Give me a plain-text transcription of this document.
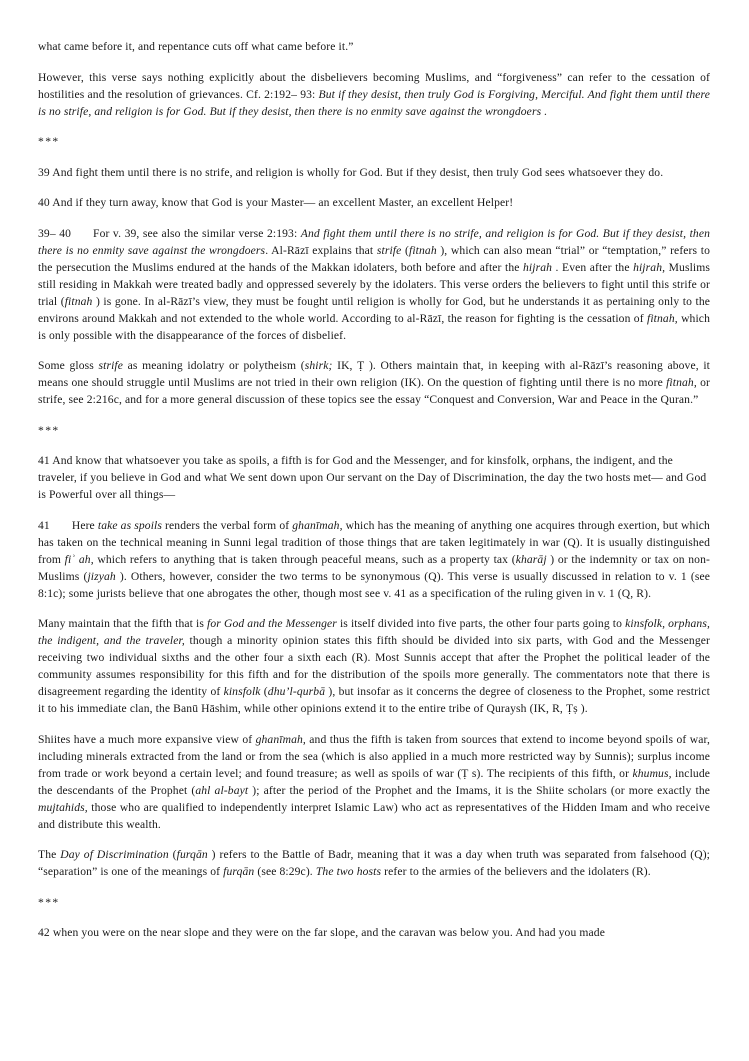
what came before it, and repentance cuts off what came before it.”

However, this verse says nothing explicitly about the disbelievers becoming Muslims, and “forgiveness” can refer to the cessation of hostilities and the resolution of grievances. Cf. 2:192– 93: But if they desist, then truly God is Forgiving, Merciful. And fight them until there is no strife, and religion is for God. But if they desist, then there is no enmity save against the wrongdoers .

***

39 And fight them until there is no strife, and religion is wholly for God. But if they desist, then truly God sees whatsoever they do.

40 And if they turn away, know that God is your Master— an excellent Master, an excellent Helper!

39– 40 For v. 39, see also the similar verse 2:193: And fight them until there is no strife, and religion is for God. But if they desist, then there is no enmity save against the wrongdoers. Al-Rāzī explains that strife (fitnah ), which can also mean “trial” or “temptation,” refers to the persecution the Muslims endured at the hands of the Makkan idolaters, both before and after the hijrah . Even after the hijrah, Muslims still residing in Makkah were treated badly and oppressed severely by the idolaters. This verse orders the believers to fight until this strife or trial (fitnah ) is gone. In al-Rāzī’s view, they must be fought until religion is wholly for God, but he understands it as pertaining only to the environs around Makkah and not extended to the whole world. According to al-Rāzī, the reason for fighting is the cessation of fitnah, which is only possible with the disappearance of the forces of disbelief.

Some gloss strife as meaning idolatry or polytheism (shirk; IK, Ṭ ). Others maintain that, in keeping with al-Rāzī’s reasoning above, it means one should struggle until Muslims are not tried in their own religion (IK). On the question of fighting until there is no more fitnah, or strife, see 2:216c, and for a more general discussion of these topics see the essay “Conquest and Conversion, War and Peace in the Quran.”

***

41 And know that whatsoever you take as spoils, a fifth is for God and the Messenger, and for kinsfolk, orphans, the indigent, and the traveler, if you believe in God and what We sent down upon Our servant on the Day of Discrimination, the day the two hosts met— and God is Powerful over all things—

41 Here take as spoils renders the verbal form of ghanīmah, which has the meaning of anything one acquires through exertion, but which has taken on the technical meaning in Sunni legal tradition of those things that are taken legitimately in war (Q). It is usually distinguished from fiʾ ah, which refers to anything that is taken through peaceful means, such as a property tax (kharāj ) or the indemnity or tax on non-Muslims (jizyah ). Others, however, consider the two terms to be synonymous (Q). This verse is usually discussed in relation to v. 1 (see 8:1c); some jurists believe that one abrogates the other, though most see v. 41 as a specification of the ruling given in v. 1 (Q, R).

Many maintain that the fifth that is for God and the Messenger is itself divided into five parts, the other four parts going to kinsfolk, orphans, the indigent, and the traveler, though a minority opinion states this fifth should be divided into six parts, with God and the Messenger receiving two individual sixths and the other four a sixth each (R). Most Sunnis accept that after the Prophet the political leader of the community assumes responsibility for this fifth and for the distribution of the spoils more generally. The commentators note that there is disagreement regarding the identity of kinsfolk (dhu’l-qurbā ), but insofar as it concerns the degree of closeness to the Prophet, some restrict it to his immediate clan, the Banū Hāshim, while other opinions extend it to the entire tribe of Quraysh (IK, R, Ṭṣ ).

Shiites have a much more expansive view of ghanīmah, and thus the fifth is taken from sources that extend to income beyond spoils of war, including minerals extracted from the land or from the sea (which is also applied in a much more restricted way by Sunnis); surplus income from trade or work beyond a certain level; and found treasure; as well as spoils of war (Ṭ s). The recipients of this fifth, or khumus, include the descendants of the Prophet (ahl al-bayt ); after the period of the Prophet and the Imams, it is the Shiite scholars (or more exactly the mujtahids, those who are qualified to independently interpret Islamic Law) who act as representatives of the Hidden Imam and who receive and distribute this wealth.

The Day of Discrimination (furqān ) refers to the Battle of Badr, meaning that it was a day when truth was separated from falsehood (Q); “separation” is one of the meanings of furqān (see 8:29c). The two hosts refer to the armies of the believers and the idolaters (R).

***

42 when you were on the near slope and they were on the far slope, and the caravan was below you. And had you made
